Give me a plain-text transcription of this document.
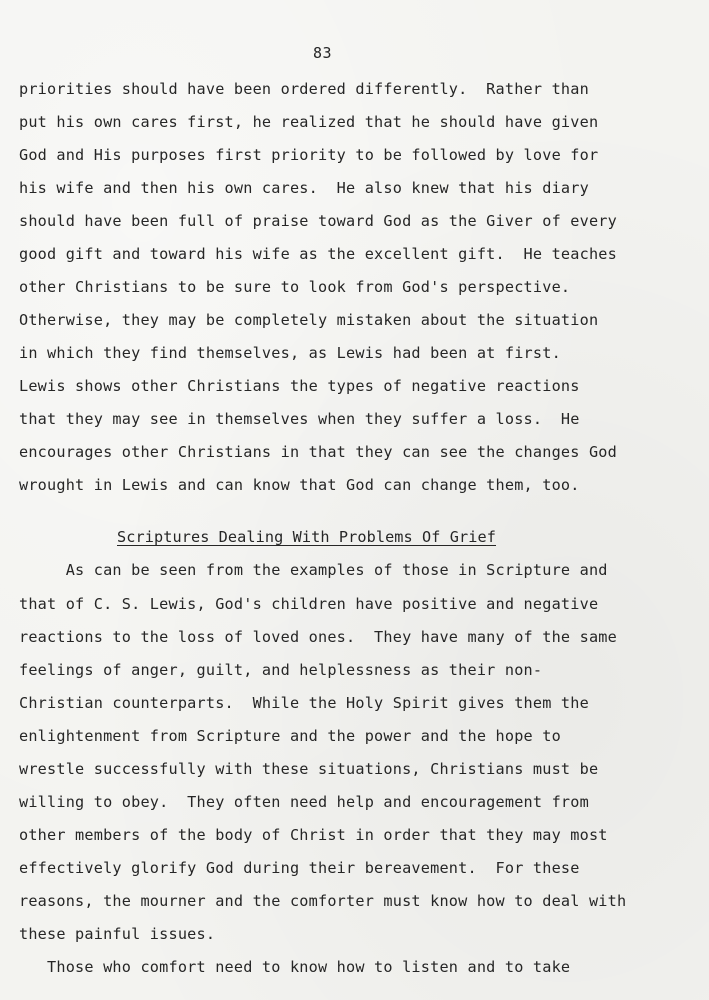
83
priorities should have been ordered differently.  Rather than
put his own cares first, he realized that he should have given
God and His purposes first priority to be followed by love for
his wife and then his own cares.  He also knew that his diary
should have been full of praise toward God as the Giver of every
good gift and toward his wife as the excellent gift.  He teaches
other Christians to be sure to look from God's perspective.
Otherwise, they may be completely mistaken about the situation
in which they find themselves, as Lewis had been at first.
Lewis shows other Christians the types of negative reactions
that they may see in themselves when they suffer a loss.  He
encourages other Christians in that they can see the changes God
wrought in Lewis and can know that God can change them, too.
Scriptures Dealing With Problems Of Grief
As can be seen from the examples of those in Scripture and
that of C. S. Lewis, God's children have positive and negative
reactions to the loss of loved ones.  They have many of the same
feelings of anger, guilt, and helplessness as their non-
Christian counterparts.  While the Holy Spirit gives them the
enlightenment from Scripture and the power and the hope to
wrestle successfully with these situations, Christians must be
willing to obey.  They often need help and encouragement from
other members of the body of Christ in order that they may most
effectively glorify God during their bereavement.  For these
reasons, the mourner and the comforter must know how to deal with
these painful issues.
Those who comfort need to know how to listen and to take
